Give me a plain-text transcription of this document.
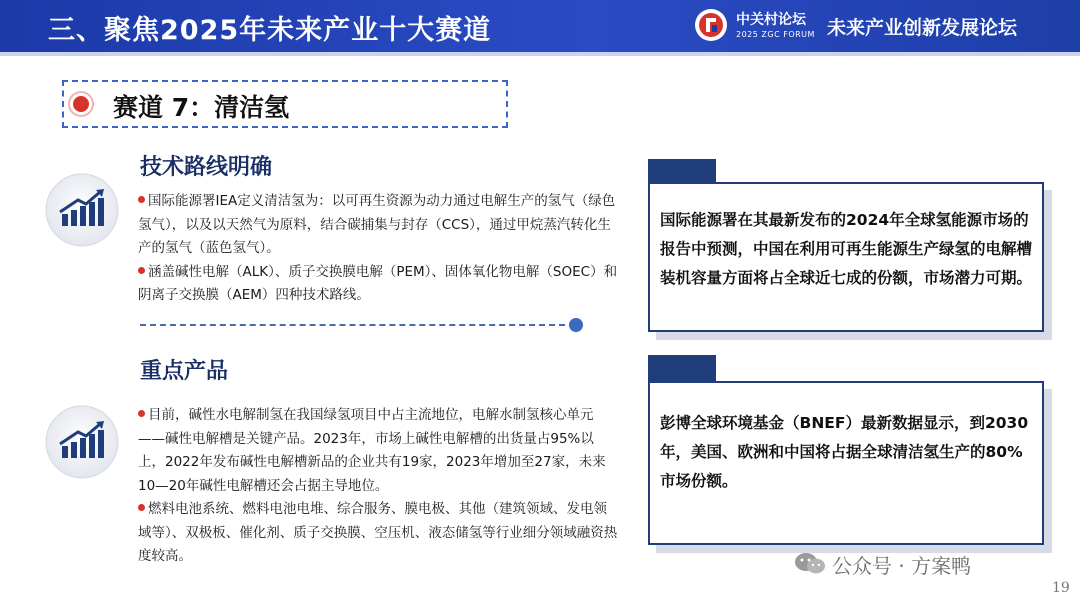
三、聚焦2025年未来产业十大赛道	中关村论坛
2025 ZGC FORUM 未来产业创新发展论坛
赛道 7：清洁氢
技术路线明确

国际能源署IEA定义清洁氢为：以可再生资源为动力通过电解生产的氢气（绿色氢气），以及以天然气为原料，结合碳捕集与封存（CCS），通过甲烷蒸汽转化生产的氢气（蓝色氢气）。

涵盖碱性电解（ALK）、质子交换膜电解（PEM）、固体氧化物电解（SOEC）和阴离子交换膜（AEM）四种技术路线。

重点产品

目前，碱性水电解制氢在我国绿氢项目中占主流地位，电解水制氢核心单元——碱性电解槽是关键产品。2023年，市场上碱性电解槽的出货量占95%以上，2022年发布碱性电解槽新品的企业共有19家，2023年增加至27家，未来10—20年碱性电解槽还会占据主导地位。

燃料电池系统、燃料电池电堆、综合服务、膜电极、其他（建筑领域、发电领域等）、双极板、催化剂、质子交换膜、空压机、液态储氢等行业细分领域融资热度较高。

国际能源署在其最新发布的2024年全球氢能源市场的报告中预测，中国在利用可再生能源生产绿氢的电解槽装机容量方面将占全球近七成的份额，市场潜力可期。
彭博全球环境基金（BNEF）最新数据显示，到2030年，美国、欧洲和中国将占据全球清洁氢生产的80%市场份额。
公众号 · 方案鸭
19
